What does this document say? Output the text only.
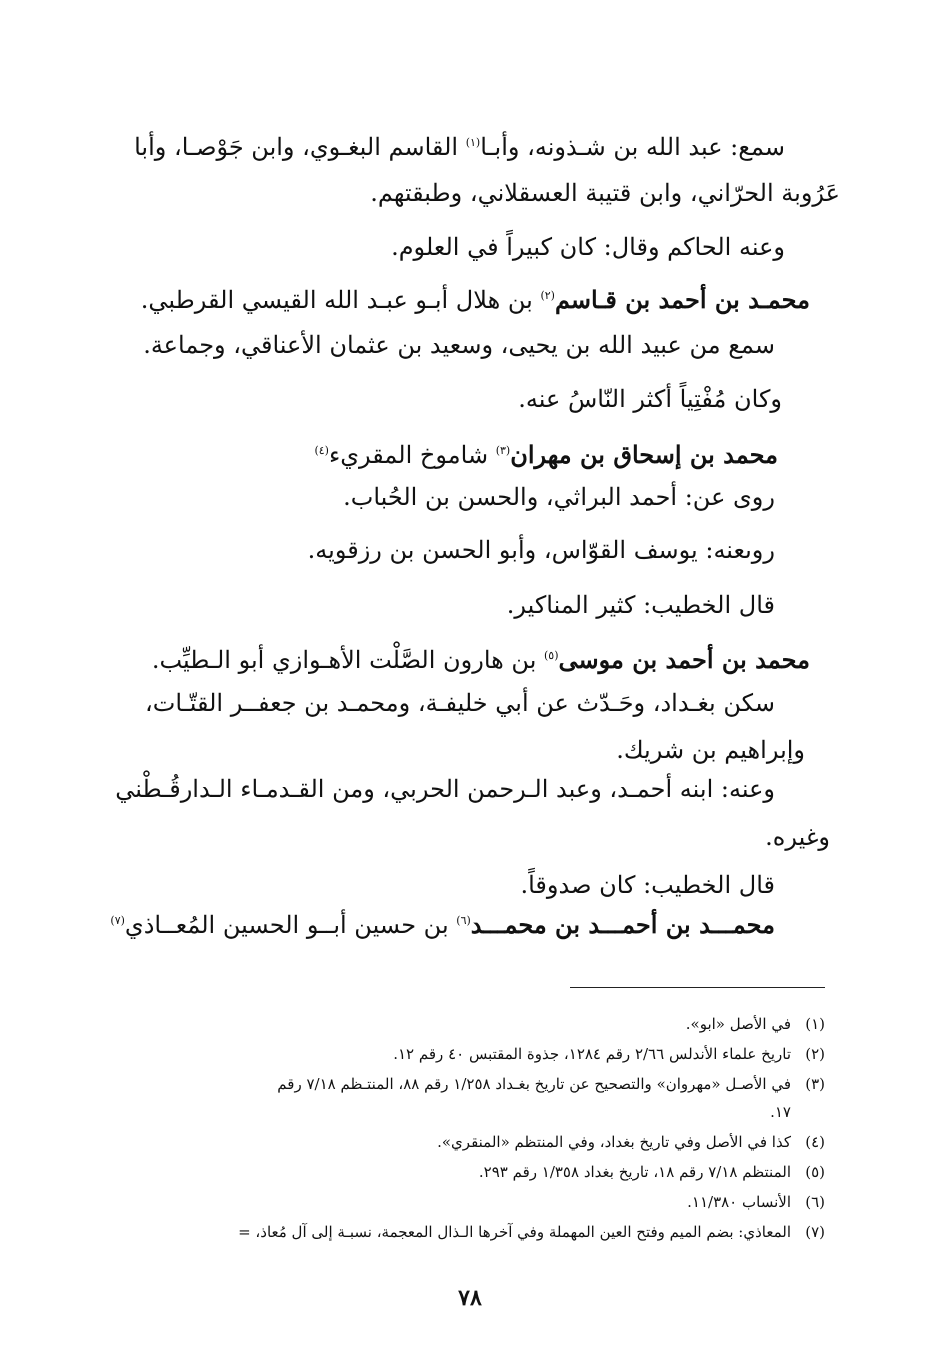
سمع: عبد الله بن شـذونه، وأبـا$^{(١)}$ القاسم البغـوي، وابن جَوْصـا، وأبا
عَرُوبة الحرّاني، وابن قتيبة العسقلاني، وطبقتهم.
وعنه الحاكم وقال: كان كبيراً في العلوم.
محمـد بن أحمد بن قـاسم$^{(٢)}$ بن هلال أبـو عبـد الله القيسي القرطبي.
سمع من عبيد الله بن يحيى، وسعيد بن عثمان الأعناقي، وجماعة.
وكان مُفْتِياً أكثر النّاسُ عنه.
محمد بن إسحاق بن مهران$^{(٣)}$ شاموخ المقريء$^{(٤)}$
روى عن: أحمد البراثي، والحسن بن الحُباب.
روىعنه: يوسف القوّاس، وأبو الحسن بن رزقويه.
قال الخطيب: كثير المناكير.
محمد بن أحمد بن موسى$^{(٥)}$ بن هارون الصَّلْت الأهـوازي أبو الـطيِّب.
سكن بغـداد، وحَـدّث عن أبي خليفـة، ومحمـد بن جعفــر القتّـات،
وإبراهيم بن شريك.
وعنه: ابنه أحمـد، وعبد الـرحمن الحربي، ومن القـدمـاء الـدارقُـطْني
وغيره.
قال الخطيب: كان صدوقاً.
محمـــد بن أحمـــد بن محمـــد$^{(٦)}$ بن حسين أبــو الحسين المُعــاذي$^{(٧)}$
(١)في الأصل «ابو».
(٢)تاريخ علماء الأندلس ٢/٦٦ رقم ١٢٨٤، جذوة المقتبس ٤٠ رقم ١٢.
(٣)في الأصـل «مهروان» والتصحيح عن تاريخ بغـداد ١/٢٥٨ رقم ٨٨، المنتـظم ٧/١٨ رقم
١٧.
(٤)كذا في الأصل وفي تاريخ بغداد، وفي المنتظم «المنقري».
(٥)المنتظم ٧/١٨ رقم ١٨، تاريخ بغداد ١/٣٥٨ رقم ٢٩٣.
(٦)الأنساب ١١/٣٨٠.
(٧)المعاذي: بضم الميم وفتح العين المهملة وفي آخرها الـذال المعجمة، نسبـة إلى آل مُعاذ، =
٧٨
